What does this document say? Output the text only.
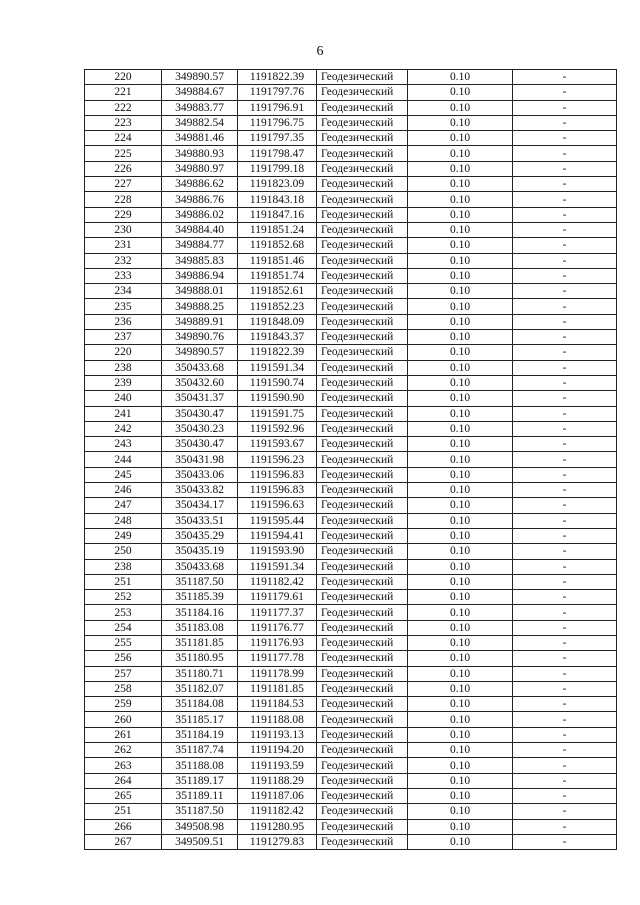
6
220	349890.57	1191822.39	Геодезический	0.10	-
221	349884.67	1191797.76	Геодезический	0.10	-
222	349883.77	1191796.91	Геодезический	0.10	-
223	349882.54	1191796.75	Геодезический	0.10	-
224	349881.46	1191797.35	Геодезический	0.10	-
225	349880.93	1191798.47	Геодезический	0.10	-
226	349880.97	1191799.18	Геодезический	0.10	-
227	349886.62	1191823.09	Геодезический	0.10	-
228	349886.76	1191843.18	Геодезический	0.10	-
229	349886.02	1191847.16	Геодезический	0.10	-
230	349884.40	1191851.24	Геодезический	0.10	-
231	349884.77	1191852.68	Геодезический	0.10	-
232	349885.83	1191851.46	Геодезический	0.10	-
233	349886.94	1191851.74	Геодезический	0.10	-
234	349888.01	1191852.61	Геодезический	0.10	-
235	349888.25	1191852.23	Геодезический	0.10	-
236	349889.91	1191848.09	Геодезический	0.10	-
237	349890.76	1191843.37	Геодезический	0.10	-
220	349890.57	1191822.39	Геодезический	0.10	-
238	350433.68	1191591.34	Геодезический	0.10	-
239	350432.60	1191590.74	Геодезический	0.10	-
240	350431.37	1191590.90	Геодезический	0.10	-
241	350430.47	1191591.75	Геодезический	0.10	-
242	350430.23	1191592.96	Геодезический	0.10	-
243	350430.47	1191593.67	Геодезический	0.10	-
244	350431.98	1191596.23	Геодезический	0.10	-
245	350433.06	1191596.83	Геодезический	0.10	-
246	350433.82	1191596.83	Геодезический	0.10	-
247	350434.17	1191596.63	Геодезический	0.10	-
248	350433.51	1191595.44	Геодезический	0.10	-
249	350435.29	1191594.41	Геодезический	0.10	-
250	350435.19	1191593.90	Геодезический	0.10	-
238	350433.68	1191591.34	Геодезический	0.10	-
251	351187.50	1191182.42	Геодезический	0.10	-
252	351185.39	1191179.61	Геодезический	0.10	-
253	351184.16	1191177.37	Геодезический	0.10	-
254	351183.08	1191176.77	Геодезический	0.10	-
255	351181.85	1191176.93	Геодезический	0.10	-
256	351180.95	1191177.78	Геодезический	0.10	-
257	351180.71	1191178.99	Геодезический	0.10	-
258	351182.07	1191181.85	Геодезический	0.10	-
259	351184.08	1191184.53	Геодезический	0.10	-
260	351185.17	1191188.08	Геодезический	0.10	-
261	351184.19	1191193.13	Геодезический	0.10	-
262	351187.74	1191194.20	Геодезический	0.10	-
263	351188.08	1191193.59	Геодезический	0.10	-
264	351189.17	1191188.29	Геодезический	0.10	-
265	351189.11	1191187.06	Геодезический	0.10	-
251	351187.50	1191182.42	Геодезический	0.10	-
266	349508.98	1191280.95	Геодезический	0.10	-
267	349509.51	1191279.83	Геодезический	0.10	-
